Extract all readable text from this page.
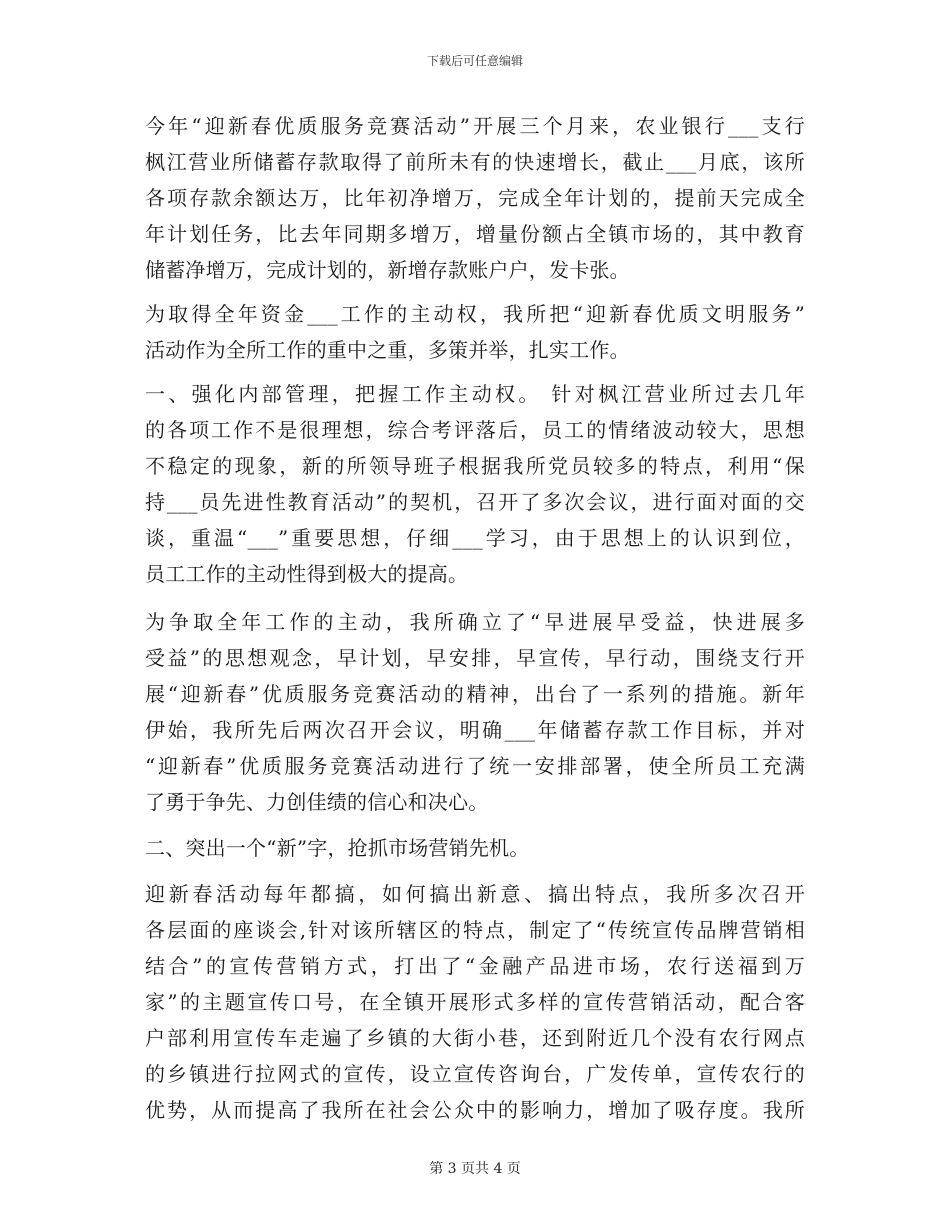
下载后可任意编辑
今年“迎新春优质服务竞赛活动”开展三个月来，农业银行___支行
枫江营业所储蓄存款取得了前所未有的快速增长，截止___月底，该所
各项存款余额达万，比年初净增万，完成全年计划的，提前天完成全
年计划任务，比去年同期多增万，增量份额占全镇市场的，其中教育
储蓄净增万，完成计划的，新增存款账户户，发卡张。
为取得全年资金___工作的主动权，我所把“迎新春优质文明服务”
活动作为全所工作的重中之重，多策并举，扎实工作。
一、强化内部管理，把握工作主动权。 针对枫江营业所过去几年
的各项工作不是很理想，综合考评落后，员工的情绪波动较大，思想
不稳定的现象，新的所领导班子根据我所党员较多的特点，利用“保
持___员先进性教育活动”的契机，召开了多次会议，进行面对面的交
谈，重温“___”重要思想，仔细___学习，由于思想上的认识到位，
员工工作的主动性得到极大的提高。
为争取全年工作的主动，我所确立了“早进展早受益，快进展多
受益”的思想观念，早计划，早安排，早宣传，早行动，围绕支行开
展“迎新春”优质服务竞赛活动的精神，出台了一系列的措施。新年
伊始，我所先后两次召开会议，明确___年储蓄存款工作目标，并对
“迎新春”优质服务竞赛活动进行了统一安排部署，使全所员工充满
了勇于争先、力创佳绩的信心和决心。
二、突出一个“新”字，抢抓市场营销先机。
迎新春活动每年都搞，如何搞出新意、搞出特点，我所多次召开
各层面的座谈会,针对该所辖区的特点，制定了“传统宣传品牌营销相
结合”的宣传营销方式，打出了“金融产品进市场，农行送福到万
家”的主题宣传口号，在全镇开展形式多样的宣传营销活动，配合客
户部利用宣传车走遍了乡镇的大街小巷，还到附近几个没有农行网点
的乡镇进行拉网式的宣传，设立宣传咨询台，广发传单，宣传农行的
优势，从而提高了我所在社会公众中的影响力，增加了吸存度。我所
第 3 页共 4 页
